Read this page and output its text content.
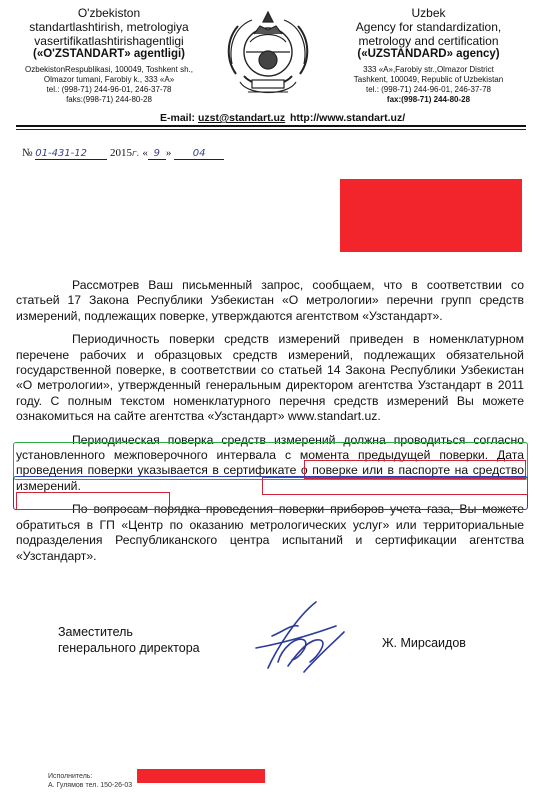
O'zbekiston
standartlashtirish, metrologiya
vasertifikatlashtirishagentligi
(«O'ZSTANDART» agentligi)
OzbekistonRespublikasi, 100049, Toshkent sh.,
Olmazor tumani, Farobiy k., 333 «A»
tel.: (998-71) 244-96-01, 246-37-78
faks:(998-71) 244-80-28
Uzbek
Agency for standardization,
metrology and certification
(«UZSTANDARD» agency)
333 «A»,Farobiy str.,Olmazor District
Tashkent, 100049, Republic of Uzbekistan
tel.: (998-71) 244-96-01, 246-37-78
fax:(998-71) 244-80-28
E-mail: uzst@standart.uz http://www.standart.uz/
№ 01-431-12 2015г. « 9 » 04

Рассмотрев Ваш письменный запрос, сообщаем, что в соответствии со статьей 17 Закона Республики Узбекистан «О метрологии» перечни групп средств измерений, подлежащих поверке, утверждаются агентством «Узстандарт».

Периодичность поверки средств измерений приведен в номенклатурном перечене рабочих и образцовых средств измерений, подлежащих обязательной государственной поверке, в соответствии со статьей 14 Закона Республики Узбекистан «О метрологии», утвержденный генеральным директором агентства Узстандарт в 2011 году. С полным текстом номенклатурного перечня средств измерений Вы можете ознакомиться на сайте агентства «Узстандарт» www.standart.uz.

Периодическая поверка средств измерений должна проводиться согласно установленного межповерочного интервала с момента предыдущей поверки. Дата проведения поверки указывается в сертификате о поверке или в паспорте на средство измерений.

По вопросам порядка проведения поверки приборов учета газа, Вы можете обратиться в ГП «Центр по оказанию метрологических услуг» или территориальные подразделения Республиканского центра испытаний и сертификации агентства «Узстандарт».

Заместитель
генерального директора	Ж. Мирсаидов
Исполнитель:
А. Гулямов тел. 150-26-03
